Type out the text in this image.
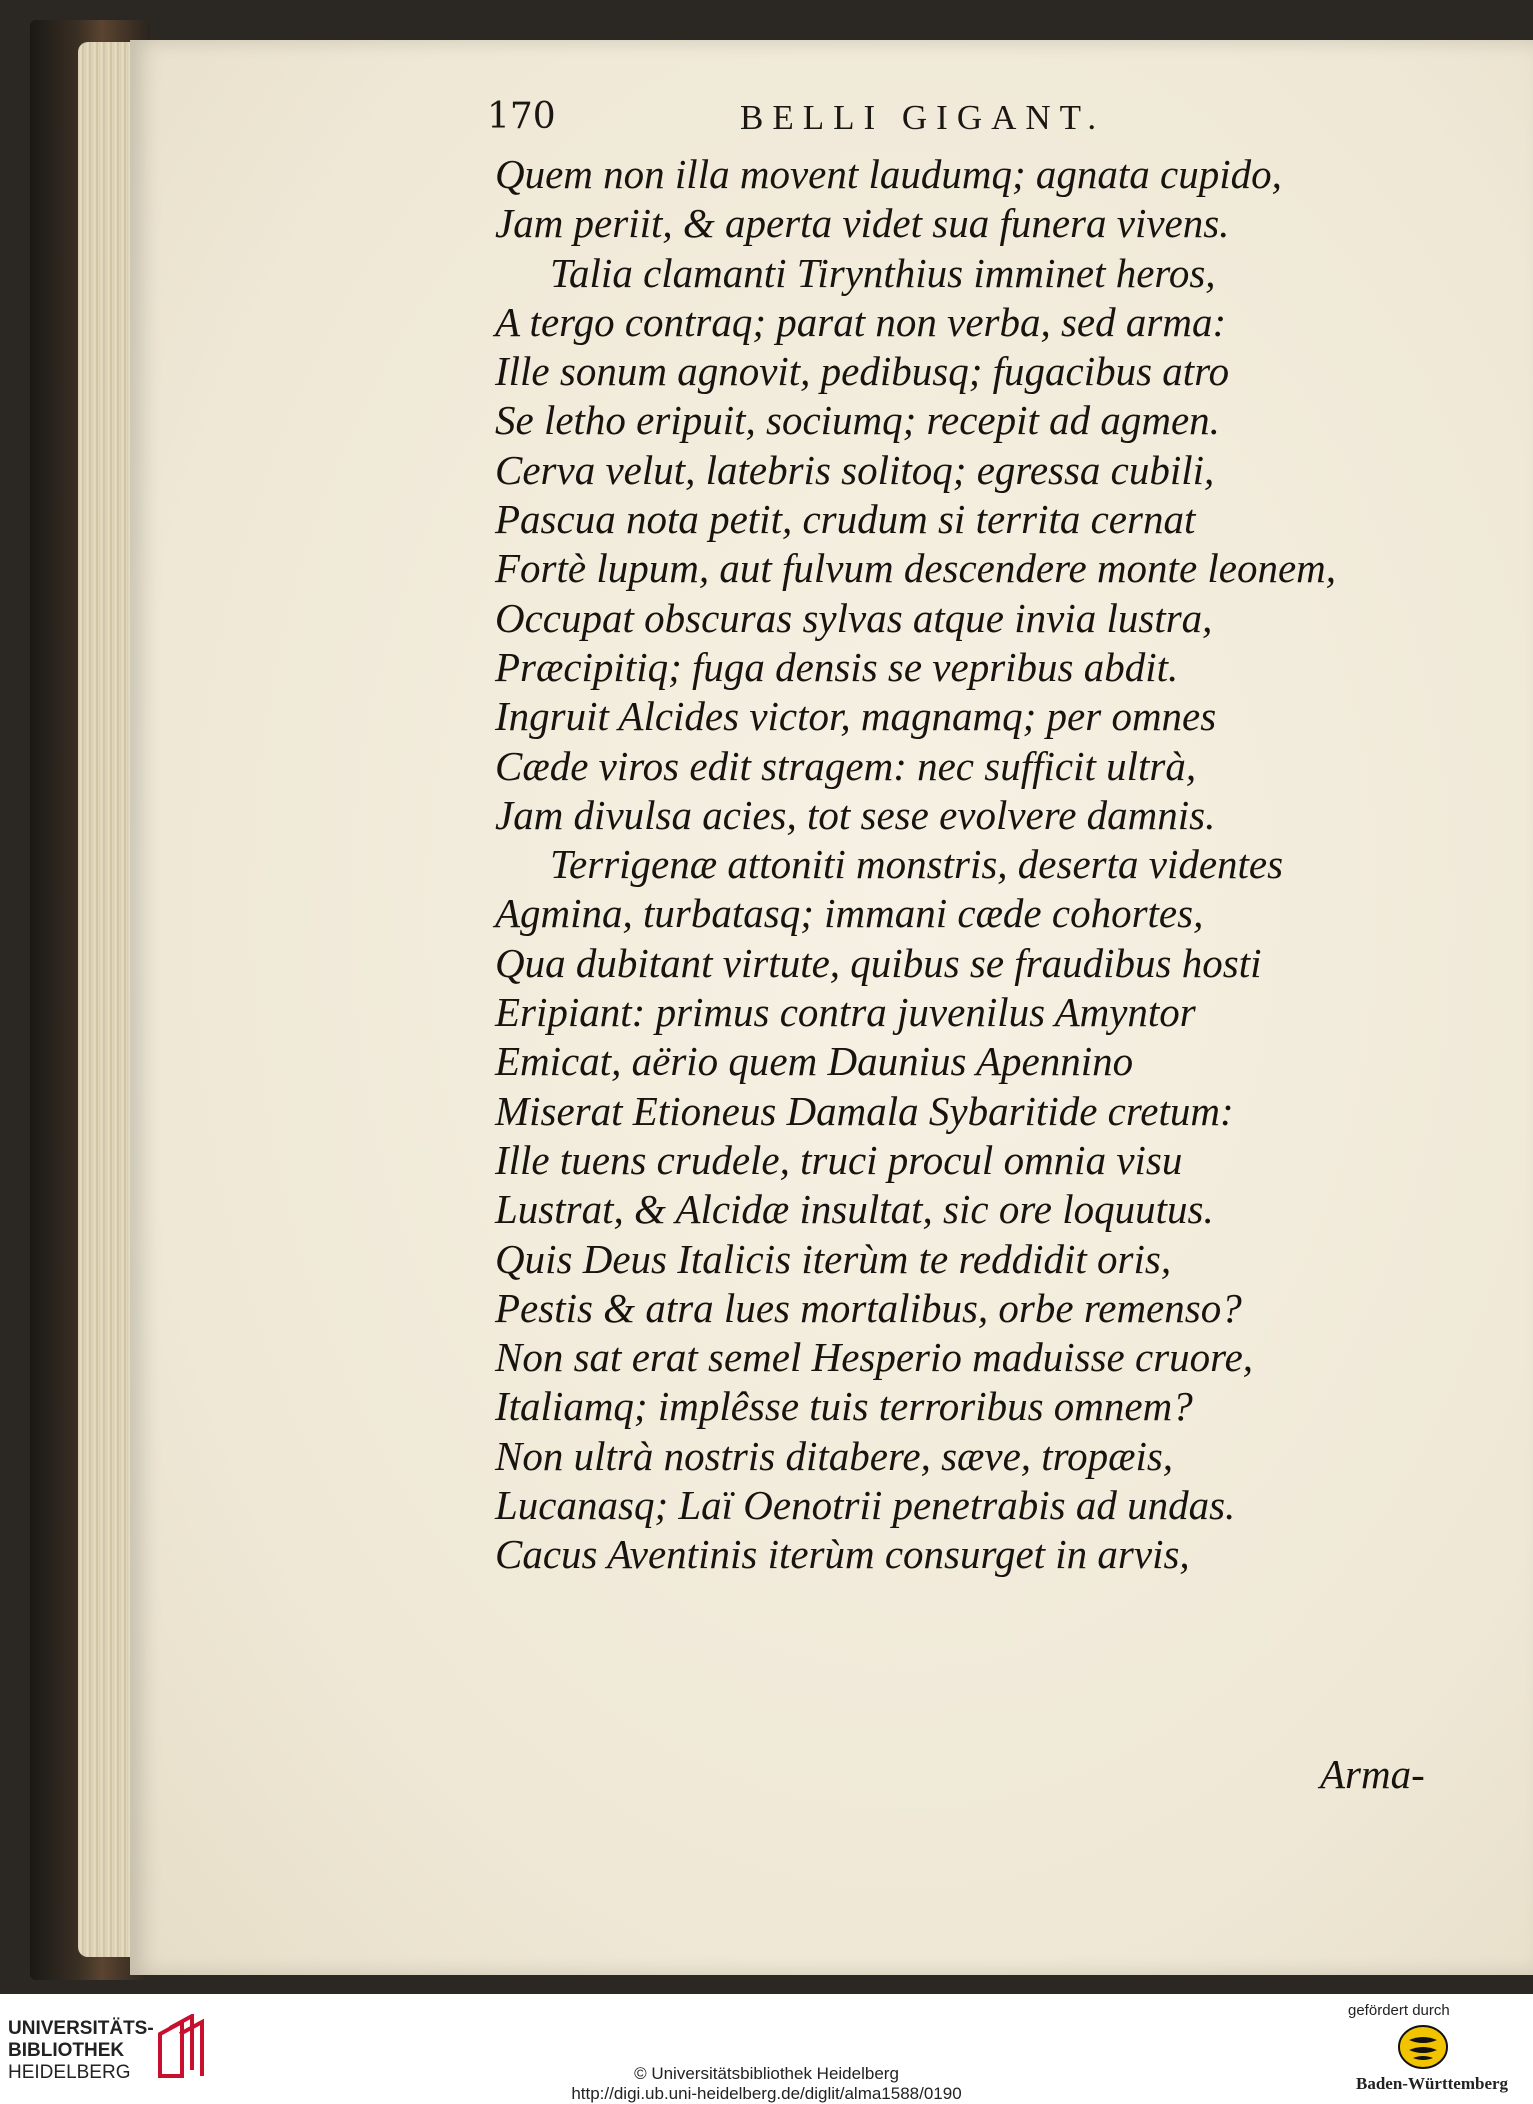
170	BELLI GIGANT.
Quem non illa movent laudumq; agnata cupido,
Jam periit, & aperta videt sua funera vivens.
Talia clamanti Tirynthius imminet heros,
A tergo contraq; parat non verba, sed arma:
Ille sonum agnovit, pedibusq; fugacibus atro
Se letho eripuit, sociumq; recepit ad agmen.
Cerva velut, latebris solitoq; egressa cubili,
Pascua nota petit, crudum si territa cernat
Fortè lupum, aut fulvum descendere monte leonem,
Occupat obscuras sylvas atque invia lustra,
Præcipitiq; fuga densis se vepribus abdit.
Ingruit Alcides victor, magnamq; per omnes
Cæde viros edit stragem: nec sufficit ultrà,
Jam divulsa acies, tot sese evolvere damnis.
Terrigenæ attoniti monstris, deserta videntes
Agmina, turbatasq; immani cæde cohortes,
Qua dubitant virtute, quibus se fraudibus hosti
Eripiant: primus contra juvenilus Amyntor
Emicat, aërio quem Daunius Apennino
Miserat Etioneus Damala Sybaritide cretum:
Ille tuens crudele, truci procul omnia visu
Lustrat, & Alcidæ insultat, sic ore loquutus.
Quis Deus Italicis iterùm te reddidit oris,
Pestis & atra lues mortalibus, orbe remenso?
Non sat erat semel Hesperio maduisse cruore,
Italiamq; implêsse tuis terroribus omnem?
Non ultrà nostris ditabere, sæve, tropæis,
Lucanasq; Laï Oenotrii penetrabis ad undas.
Cacus Aventinis iterùm consurget in arvis,
Arma-
UNIVERSITÄTS-
BIBLIOTHEK
HEIDELBERG	© Universitätsbibliothek Heidelberg
http://digi.ub.uni-heidelberg.de/diglit/alma1588/0190
gefördert durch
Baden-Württemberg
